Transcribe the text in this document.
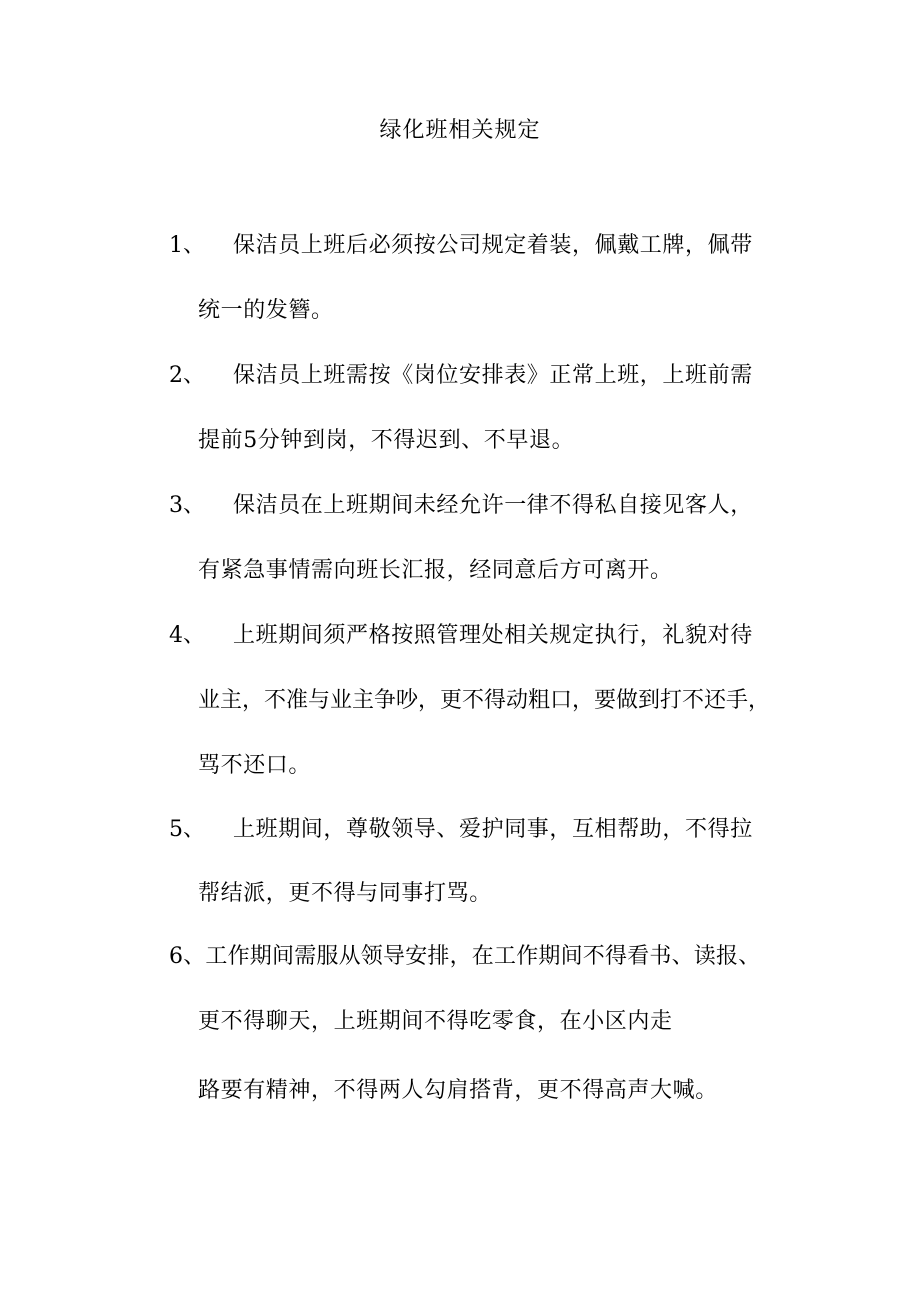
绿化班相关规定
1、 保洁员上班后必须按公司规定着装，佩戴工牌，佩带
统一的发簪。
2、 保洁员上班需按《岗位安排表》正常上班，上班前需
提前5分钟到岗，不得迟到、不早退。
3、 保洁员在上班期间未经允许一律不得私自接见客人，
有紧急事情需向班长汇报，经同意后方可离开。
4、 上班期间须严格按照管理处相关规定执行，礼貌对待
业主，不准与业主争吵，更不得动粗口，要做到打不还手，
骂不还口。
5、 上班期间，尊敬领导、爱护同事，互相帮助，不得拉
帮结派，更不得与同事打骂。
6、工作期间需服从领导安排，在工作期间不得看书、读报、
更不得聊天，上班期间不得吃零食，在小区内走
路要有精神，不得两人勾肩搭背，更不得高声大喊。
